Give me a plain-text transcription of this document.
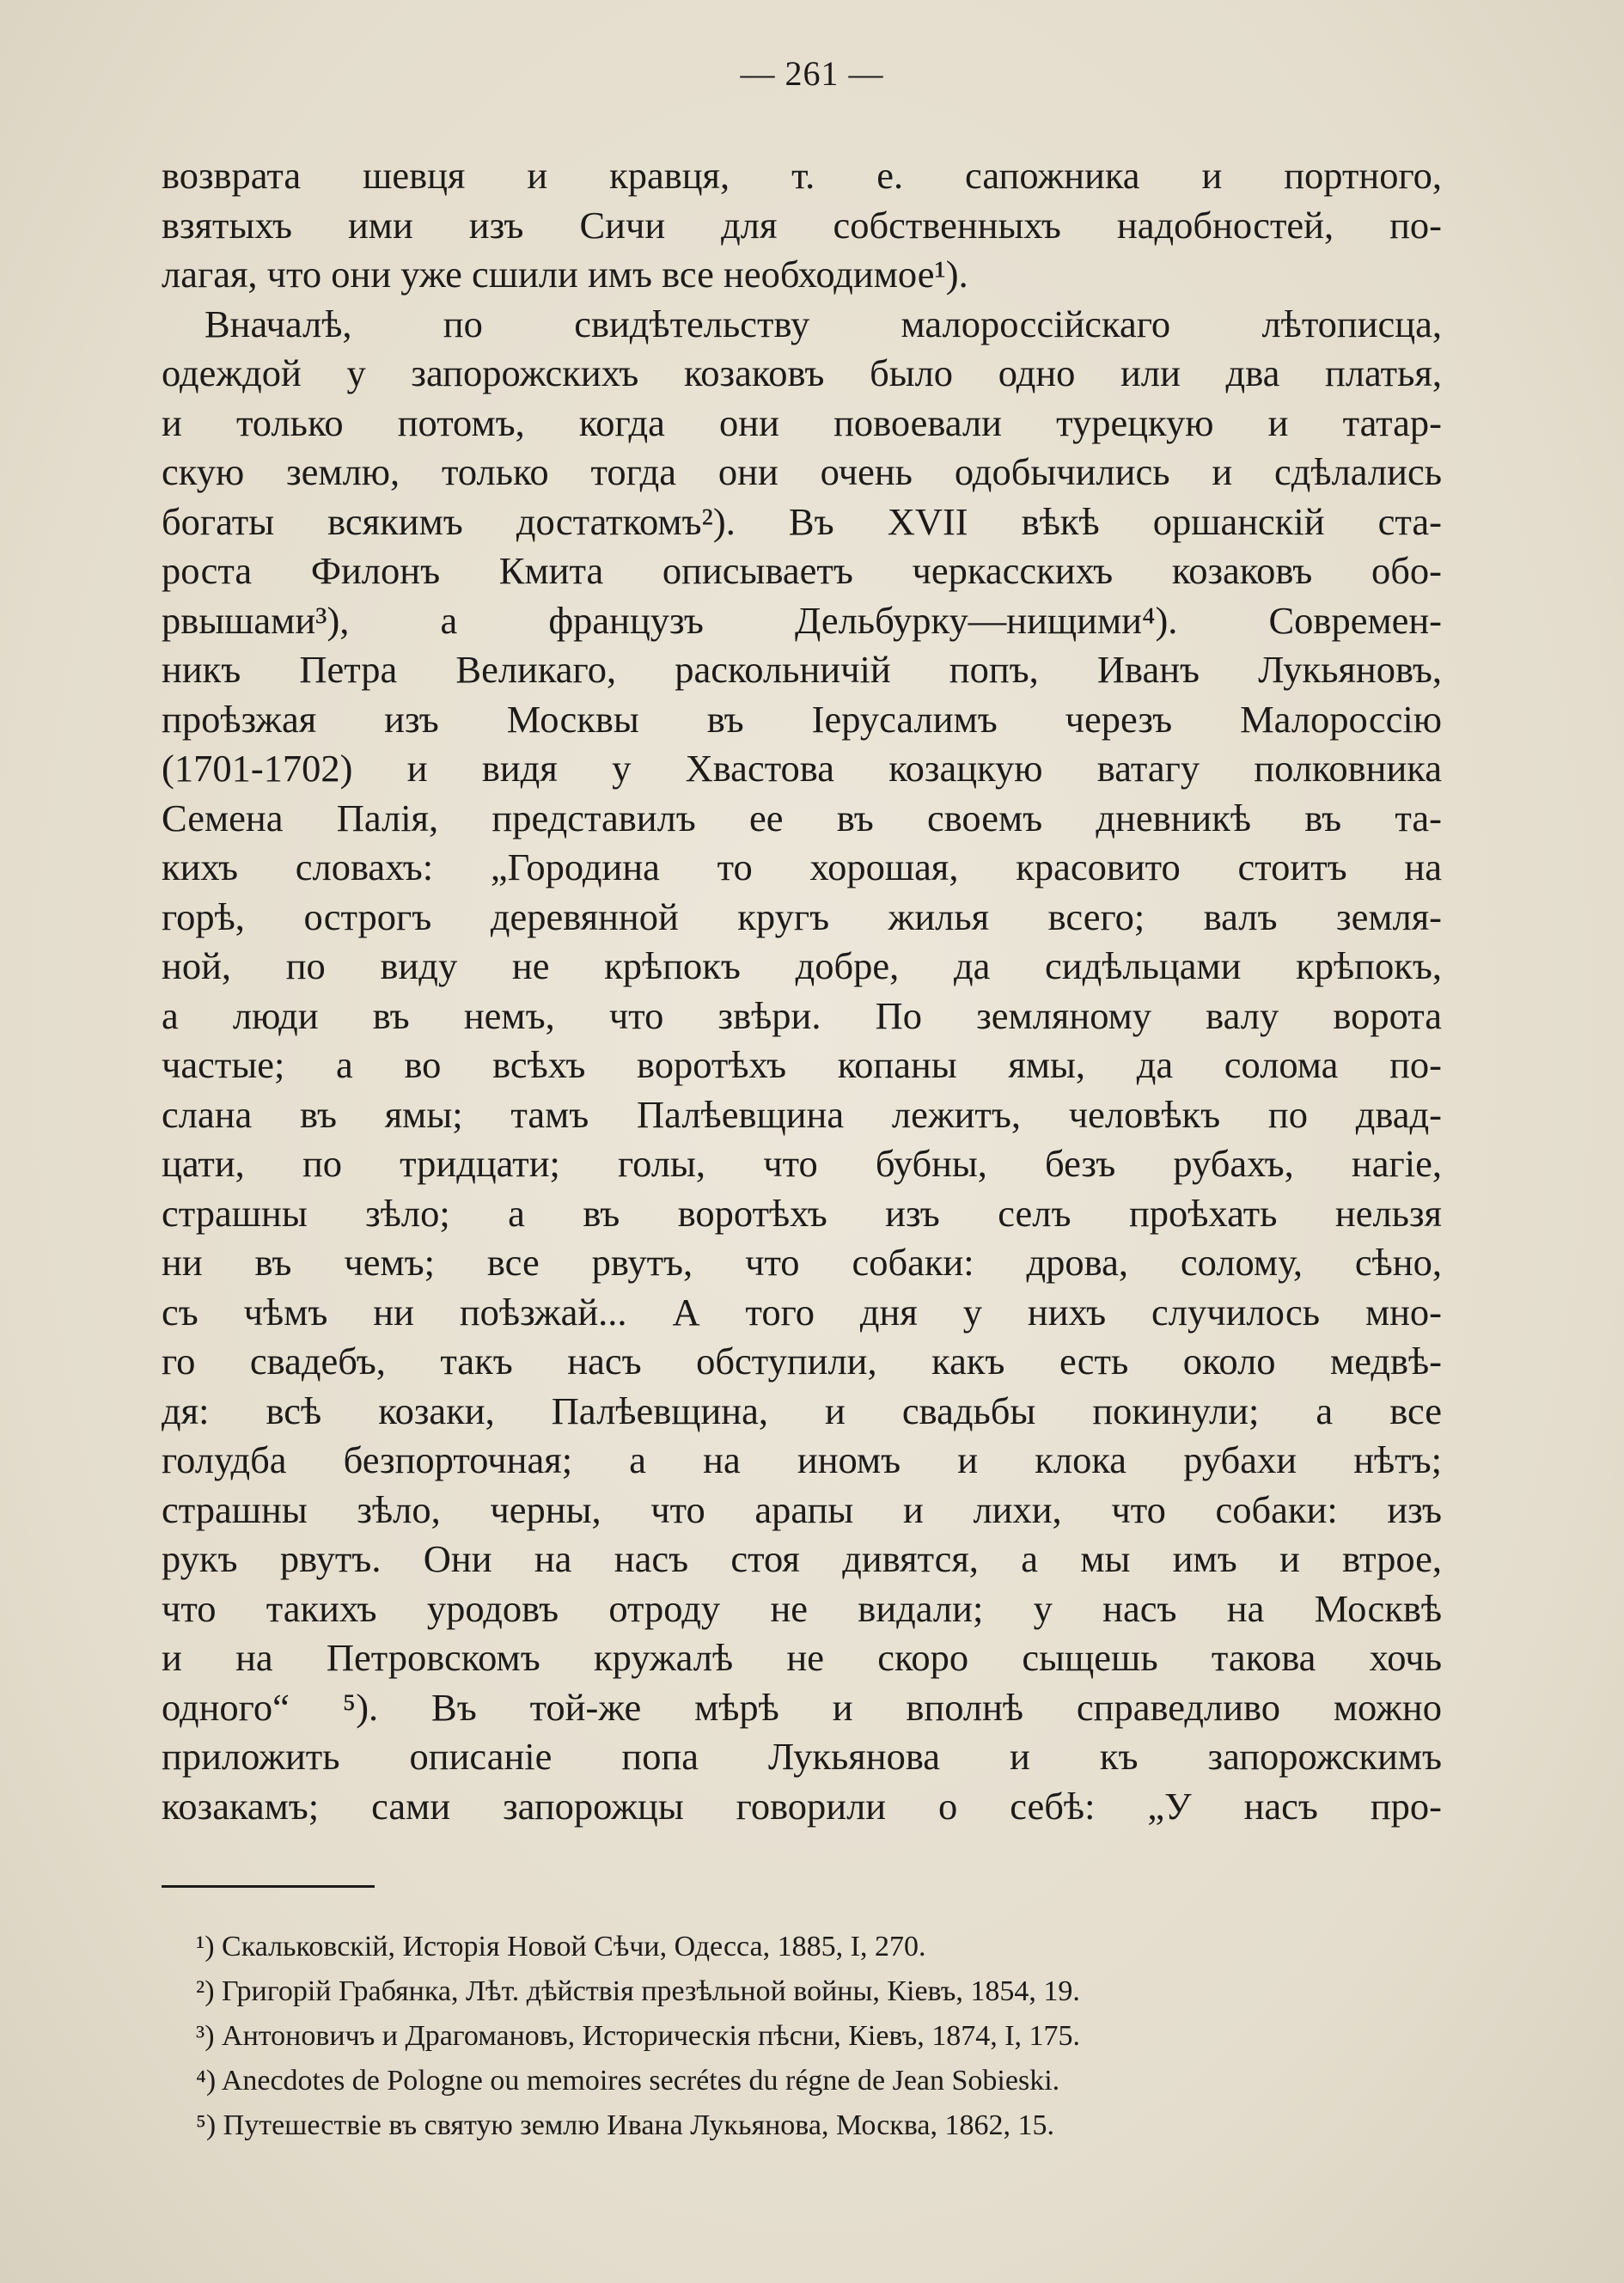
— 261 —
возврата шевця и кравця, т. е. сапожника и портного,
взятыхъ ими изъ Сичи для собственныхъ надобностей, по-
лагая, что они уже сшили имъ все необходимое¹).
Вначалѣ, по свидѣтельству малороссійскаго лѣтописца,
одеждой у запорожскихъ козаковъ было одно или два платья,
и только потомъ, когда они повоевали турецкую и татар-
скую землю, только тогда они очень одобычились и сдѣлались
богаты всякимъ достаткомъ²). Въ XVII вѣкѣ оршанскій ста-
роста Филонъ Кмита описываетъ черкасскихъ козаковъ обо-
рвышами³), а французъ Дельбурку—нищими⁴). Современ-
никъ Петра Великаго, раскольничій попъ, Иванъ Лукьяновъ,
проѣзжая изъ Москвы въ Іерусалимъ черезъ Малороссію
(1701-1702) и видя у Хвастова козацкую ватагу полковника
Семена Палія, представилъ ее въ своемъ дневникѣ въ та-
кихъ словахъ: „Городина то хорошая, красовито стоитъ на
горѣ, острогъ деревянной кругъ жилья всего; валъ земля-
ной, по виду не крѣпокъ добре, да сидѣльцами крѣпокъ,
а люди въ немъ, что звѣри. По земляному валу ворота
частые; а во всѣхъ воротѣхъ копаны ямы, да солома по-
слана въ ямы; тамъ Палѣевщина лежитъ, человѣкъ по двад-
цати, по тридцати; голы, что бубны, безъ рубахъ, нагіе,
страшны зѣло; а въ воротѣхъ изъ селъ проѣхать нельзя
ни въ чемъ; все рвутъ, что собаки: дрова, солому, сѣно,
съ чѣмъ ни поѣзжай... А того дня у нихъ случилось мно-
го свадебъ, такъ насъ обступили, какъ есть около медвѣ-
дя: всѣ козаки, Палѣевщина, и свадьбы покинули; а все
голудба безпорточная; а на иномъ и клока рубахи нѣтъ;
страшны зѣло, черны, что арапы и лихи, что собаки: изъ
рукъ рвутъ. Они на насъ стоя дивятся, а мы имъ и втрое,
что такихъ уродовъ отроду не видали; у насъ на Москвѣ
и на Петровскомъ кружалѣ не скоро сыщешь такова хочь
одного“ ⁵). Въ той-же мѣрѣ и вполнѣ справедливо можно
приложить описаніе попа Лукьянова и къ запорожскимъ
козакамъ; сами запорожцы говорили о себѣ: „У насъ про-
¹) Скальковскій, Исторія Новой Сѣчи, Одесса, 1885, I, 270.
²) Григорій Грабянка, Лѣт. дѣйствія презѣльной войны, Кіевъ, 1854, 19.
³) Антоновичъ и Драгомановъ, Историческія пѣсни, Кіевъ, 1874, I, 175.
⁴) Anecdotes de Pologne ou memoires secrétes du régne de Jean Sobieski.
⁵) Путешествіе въ святую землю Ивана Лукьянова, Москва, 1862, 15.
